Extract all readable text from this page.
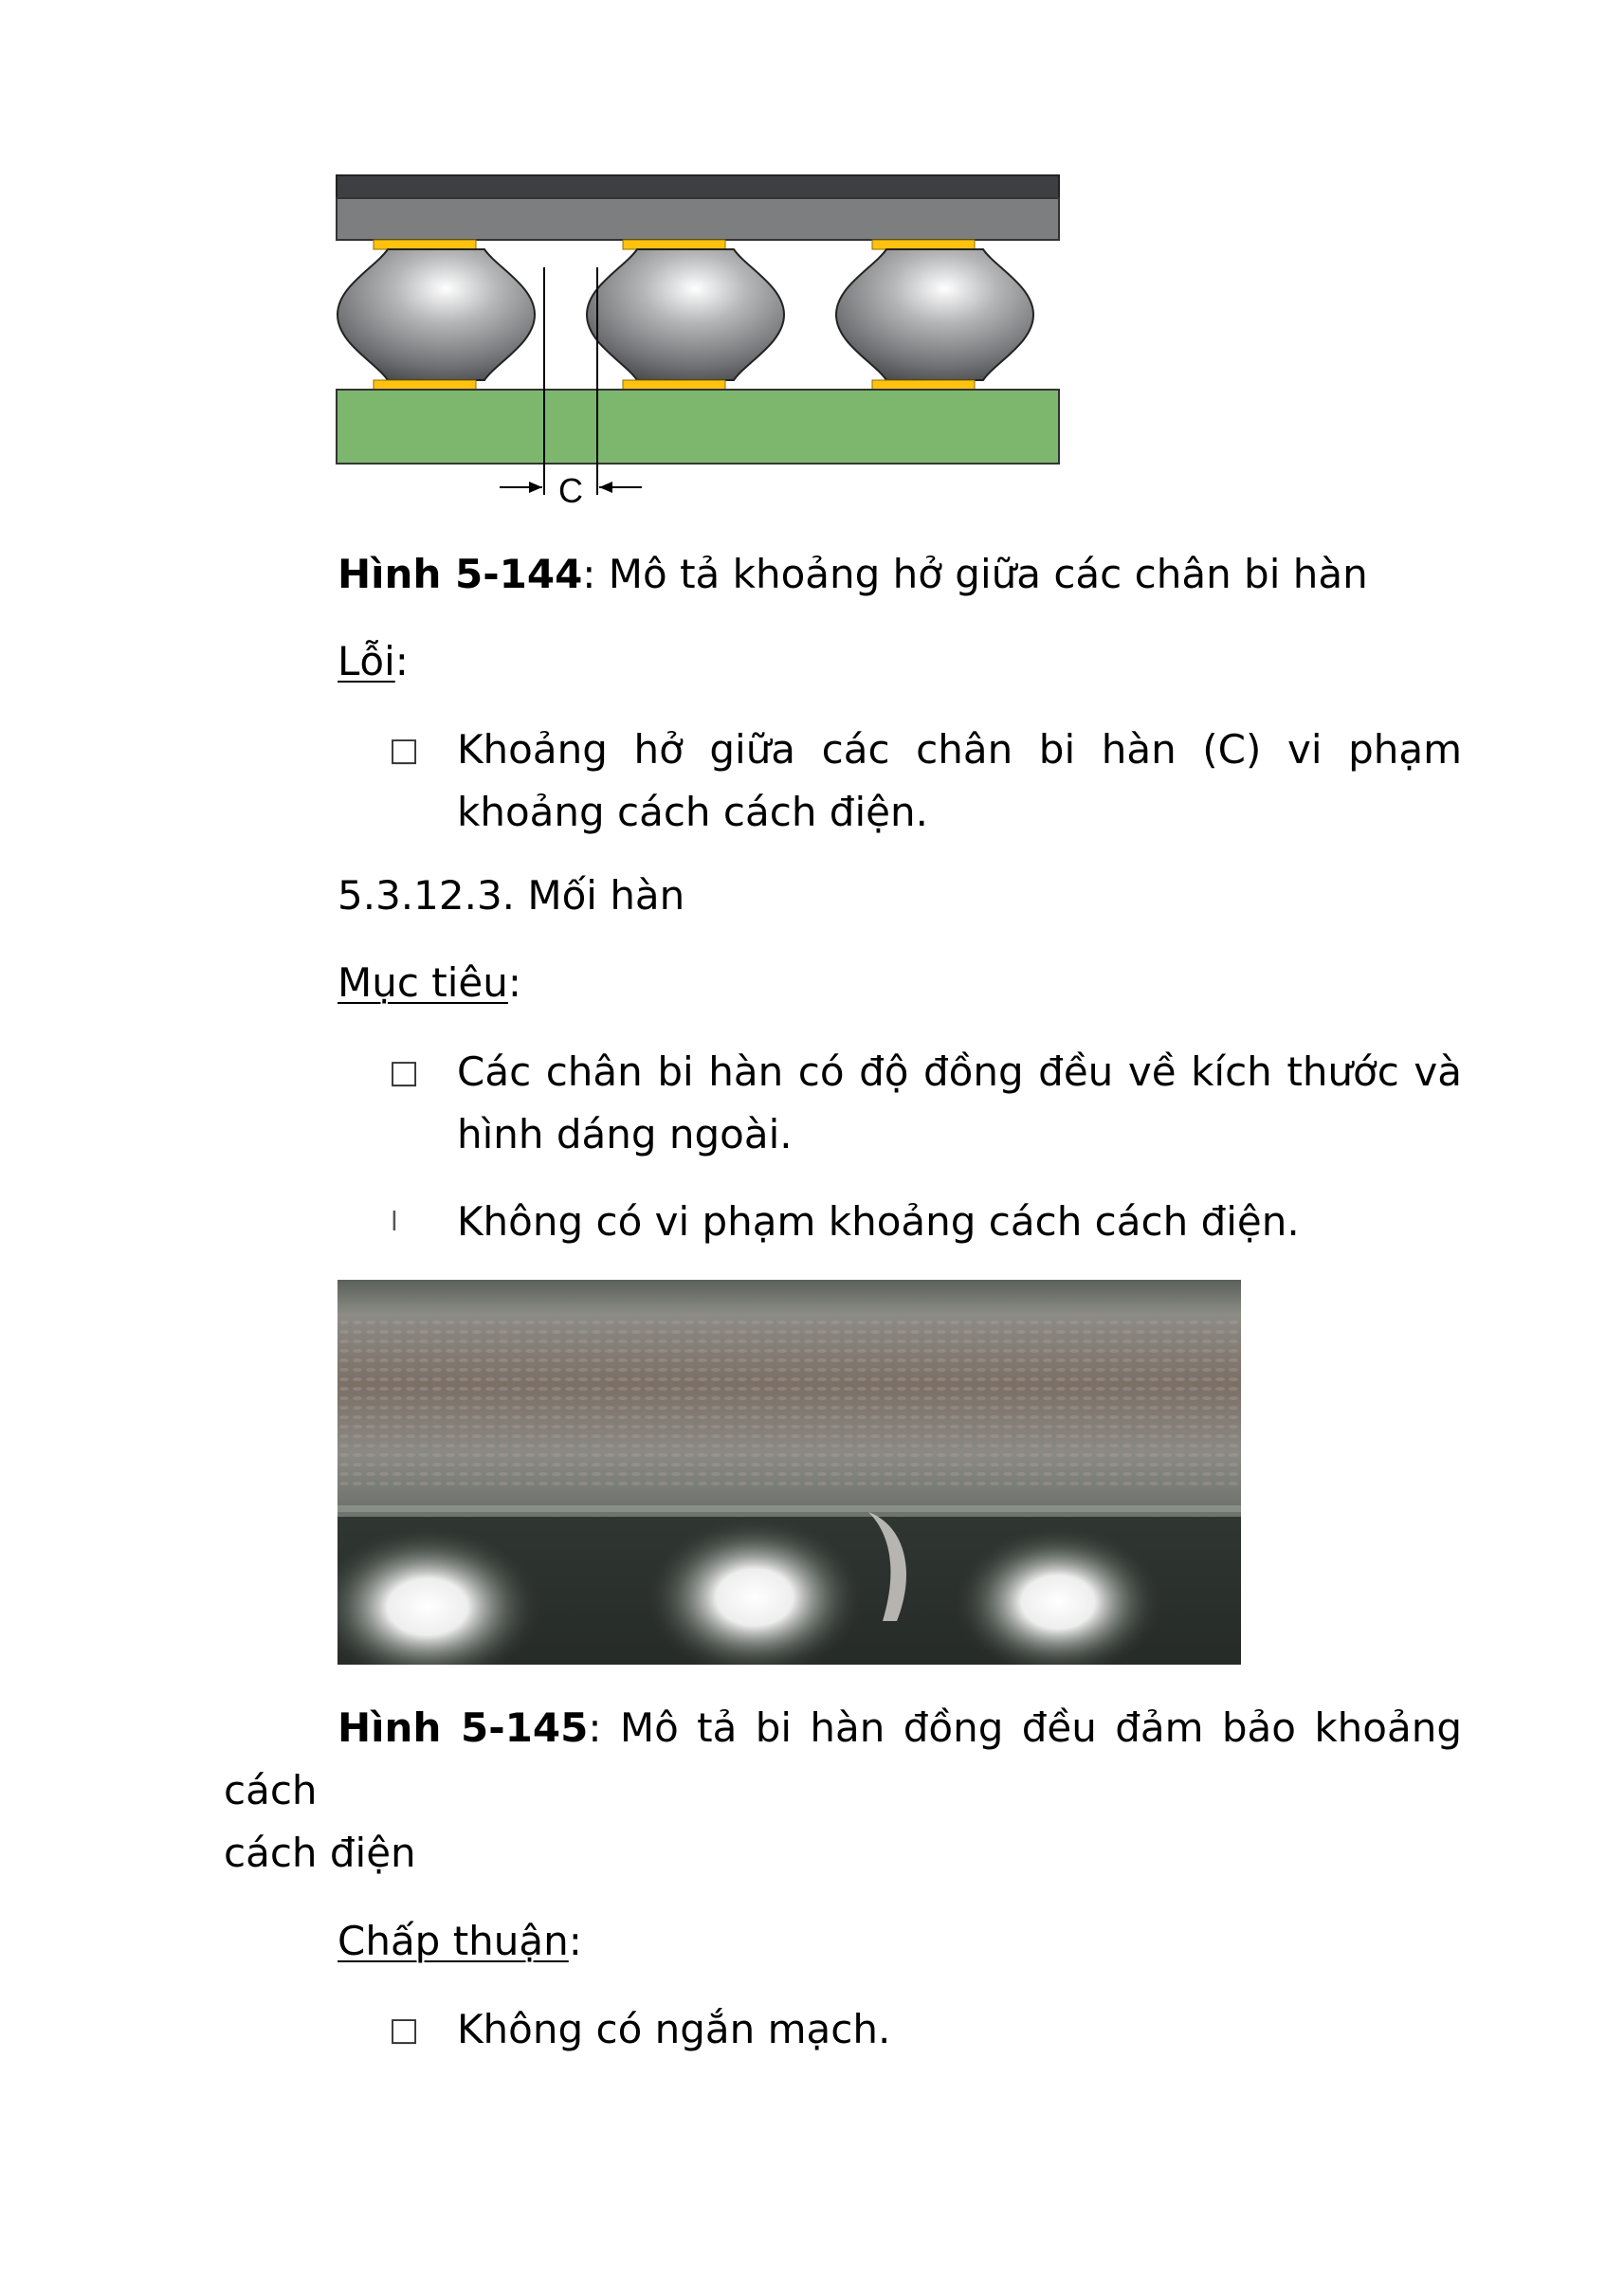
C
Hình 5-144: Mô tả khoảng hở giữa các chân bi hàn
Lỗi:
□ Khoảng hở giữa các chân bi hàn (C) vi phạm
khoảng cách cách điện.
5.3.12.3. Mối hàn
Mục tiêu:
□ Các chân bi hàn có độ đồng đều về kích thước và
hình dáng ngoài.
l Không có vi phạm khoảng cách cách điện.
Hình 5-145: Mô tả bi hàn đồng đều đảm bảo khoảng
cách
cách điện
Chấp thuận:
□ Không có ngắn mạch.
